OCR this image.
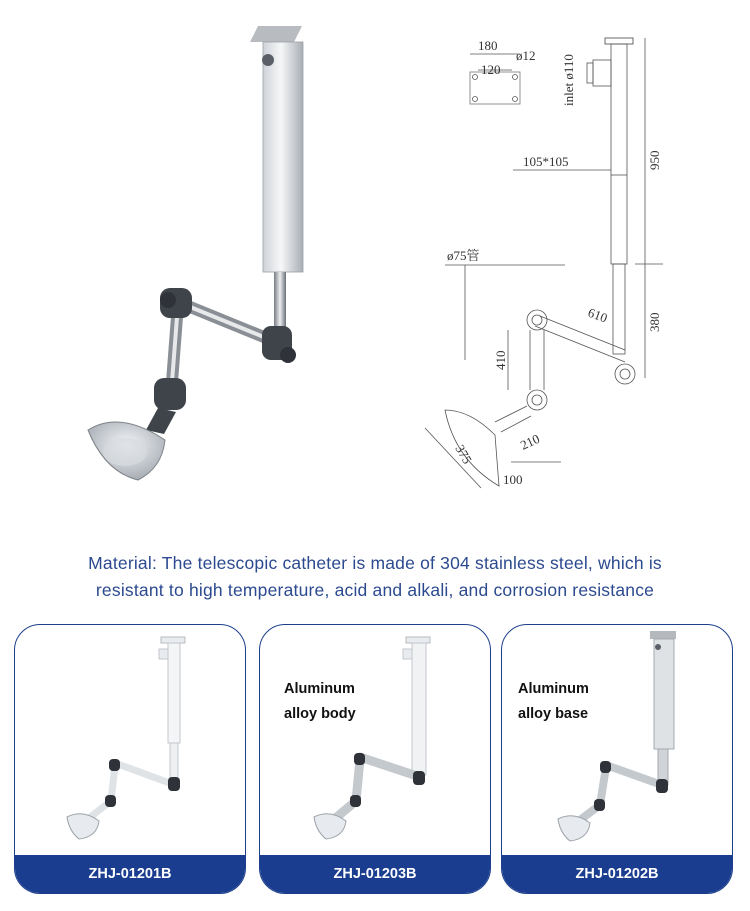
180
ø12
120	inlet ø110
950
105*105
ø75管
610	380
410
210
375
100
Material: The telescopic catheter is made of 304 stainless steel, which is
resistant to high temperature, acid and alkali, and corrosion resistance
ZHJ-01201B
Aluminum
alloy body
ZHJ-01203B
Aluminum
alloy base
ZHJ-01202B
